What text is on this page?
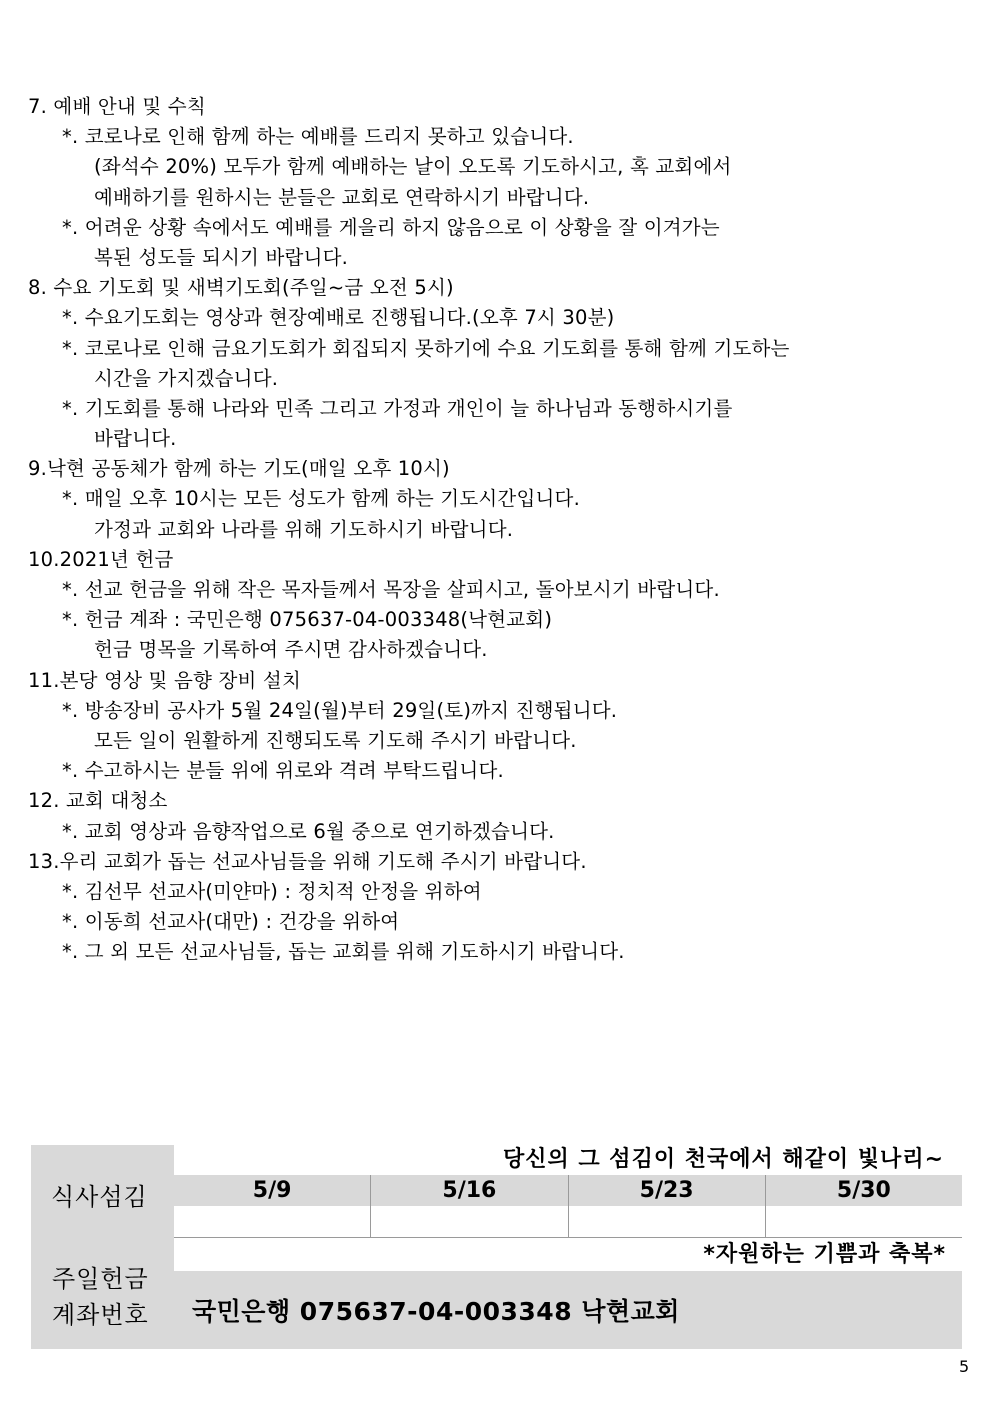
7. 예배 안내 및 수칙
*. 코로나로 인해 함께 하는 예배를 드리지 못하고 있습니다.
(좌석수 20%) 모두가 함께 예배하는 날이 오도록 기도하시고, 혹 교회에서
예배하기를 원하시는 분들은 교회로 연락하시기 바랍니다.
*. 어려운 상황 속에서도 예배를 게을리 하지 않음으로 이 상황을 잘 이겨가는
복된 성도들 되시기 바랍니다.
8. 수요 기도회 및 새벽기도회(주일~금 오전 5시)
*. 수요기도회는 영상과 현장예배로 진행됩니다.(오후 7시 30분)
*. 코로나로 인해 금요기도회가 회집되지 못하기에 수요 기도회를 통해 함께 기도하는
시간을 가지겠습니다.
*. 기도회를 통해 나라와 민족 그리고 가정과 개인이 늘 하나님과 동행하시기를
바랍니다.
9.낙현 공동체가 함께 하는 기도(매일 오후 10시)
*. 매일 오후 10시는 모든 성도가 함께 하는 기도시간입니다.
가정과 교회와 나라를 위해 기도하시기 바랍니다.
10.2021년 헌금
*. 선교 헌금을 위해 작은 목자들께서 목장을 살피시고, 돌아보시기 바랍니다.
*. 헌금 계좌 : 국민은행 075637-04-003348(낙현교회)
헌금 명목을 기록하여 주시면 감사하겠습니다.
11.본당 영상 및 음향 장비 설치
*. 방송장비 공사가 5월 24일(월)부터 29일(토)까지 진행됩니다.
모든 일이 원활하게 진행되도록 기도해 주시기 바랍니다.
*. 수고하시는 분들 위에 위로와 격려 부탁드립니다.
12. 교회 대청소
*. 교회 영상과 음향작업으로 6월 중으로 연기하겠습니다.
13.우리 교회가 돕는 선교사님들을 위해 기도해 주시기 바랍니다.
*. 김선무 선교사(미얀마) : 정치적 안정을 위하여
*. 이동희 선교사(대만) : 건강을 위하여
*. 그 외 모든 선교사님들, 돕는 교회를 위해 기도하시기 바랍니다.
식사섬김
당신의 그 섬김이 천국에서 해같이 빛나리~
5/9	5/16	5/23	5/30
*자원하는 기쁨과 축복*
주일헌금
계좌번호 국민은행 075637-04-003348 낙현교회
5
